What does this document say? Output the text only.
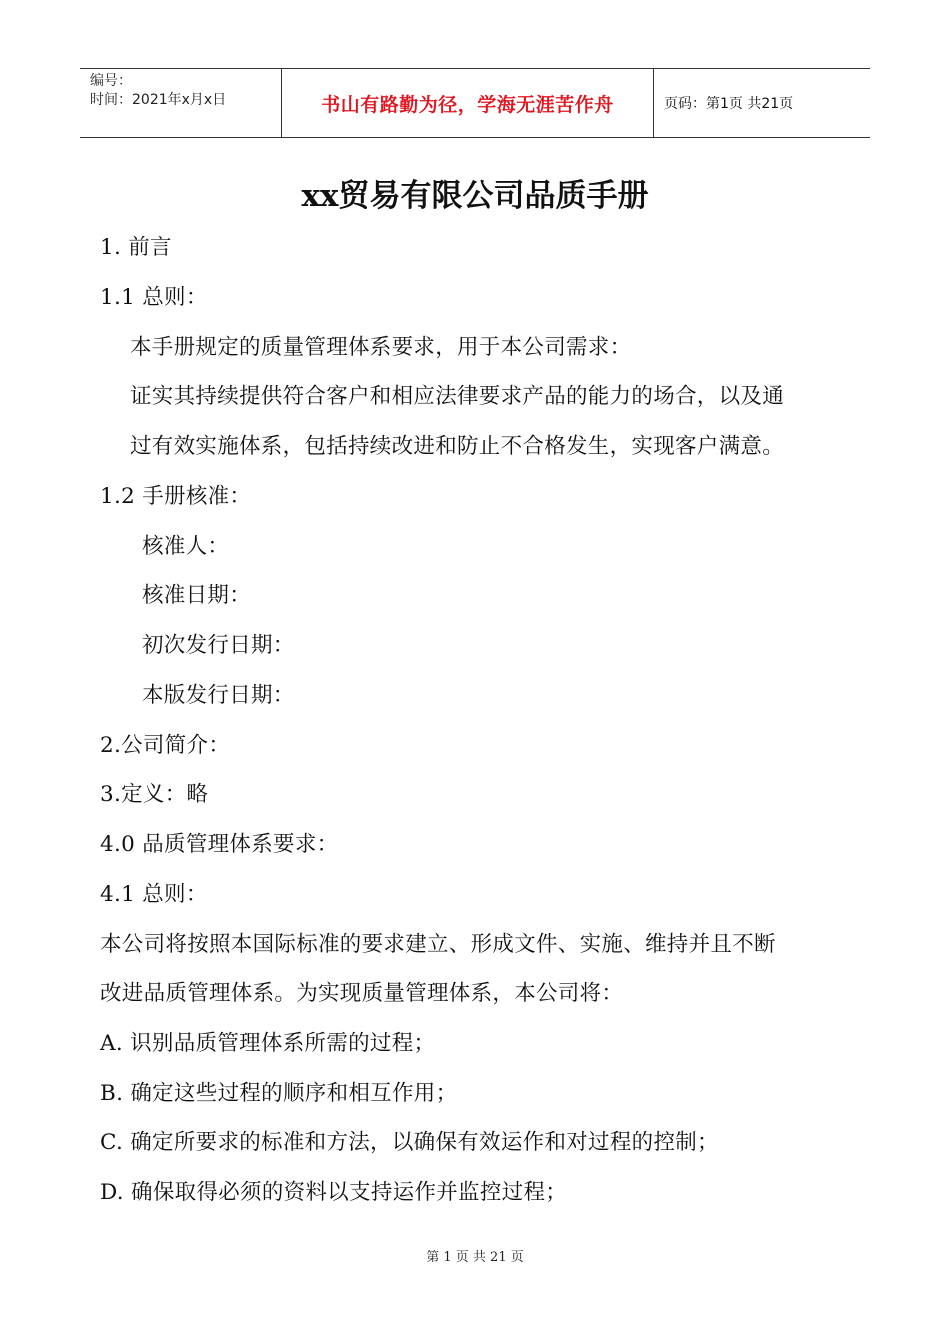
编号：
时间：2021年x月x日	书山有路勤为径，学海无涯苦作舟	页码：第1页 共21页
xx贸易有限公司品质手册
1. 前言
1.1 总则：
本手册规定的质量管理体系要求，用于本公司需求：
证实其持续提供符合客户和相应法律要求产品的能力的场合，以及通
过有效实施体系，包括持续改进和防止不合格发生，实现客户满意。
1.2 手册核准：
核准人：
核准日期：
初次发行日期：
本版发行日期：
2.公司简介：
3.定义：略
4.0 品质管理体系要求：
4.1 总则：
本公司将按照本国际标准的要求建立、形成文件、实施、维持并且不断
改进品质管理体系。为实现质量管理体系，本公司将：
A. 识别品质管理体系所需的过程；
B. 确定这些过程的顺序和相互作用；
C. 确定所要求的标准和方法，以确保有效运作和对过程的控制；
D. 确保取得必须的资料以支持运作并监控过程；
第 1 页 共 21 页
